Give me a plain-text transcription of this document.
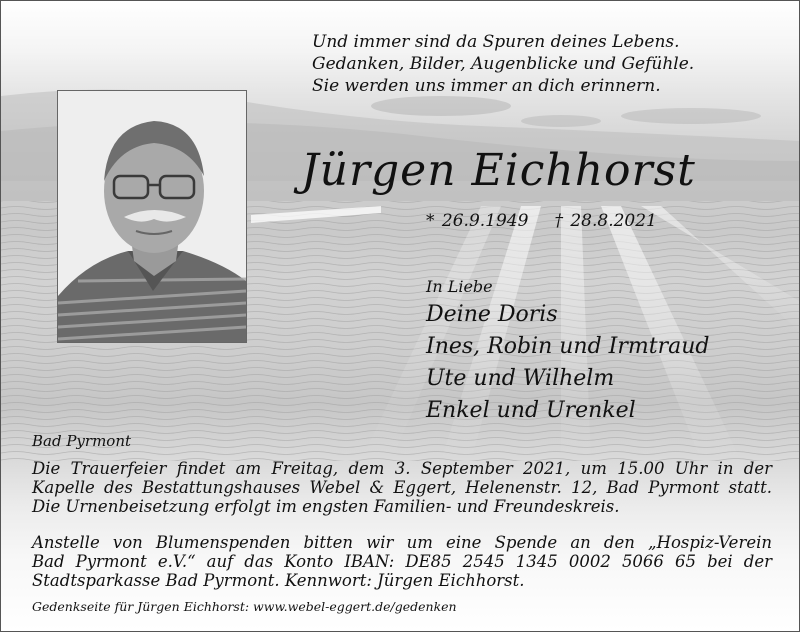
Und immer sind da Spuren deines Lebens.
Gedanken, Bilder, Augenblicke und Gefühle.
Sie werden uns immer an dich erinnern.
Jürgen Eichhorst
* 26.9.1949 † 28.8.2021
In Liebe
Deine Doris
Ines, Robin und Irmtraud
Ute und Wilhelm
Enkel und Urenkel
Bad Pyrmont
Die Trauerfeier findet am Freitag, dem 3. September 2021, um 15.00 Uhr in der
Kapelle des Bestattungshauses Webel & Eggert, Helenenstr. 12, Bad Pyrmont statt.
Die Urnenbeisetzung erfolgt im engsten Familien- und Freundeskreis.
Anstelle von Blumenspenden bitten wir um eine Spende an den „Hospiz-Verein
Bad Pyrmont e.V.“ auf das Konto IBAN: DE85 2545 1345 0002 5066 65 bei der
Stadtsparkasse Bad Pyrmont. Kennwort: Jürgen Eichhorst.
Gedenkseite für Jürgen Eichhorst: www.webel-eggert.de/gedenken
